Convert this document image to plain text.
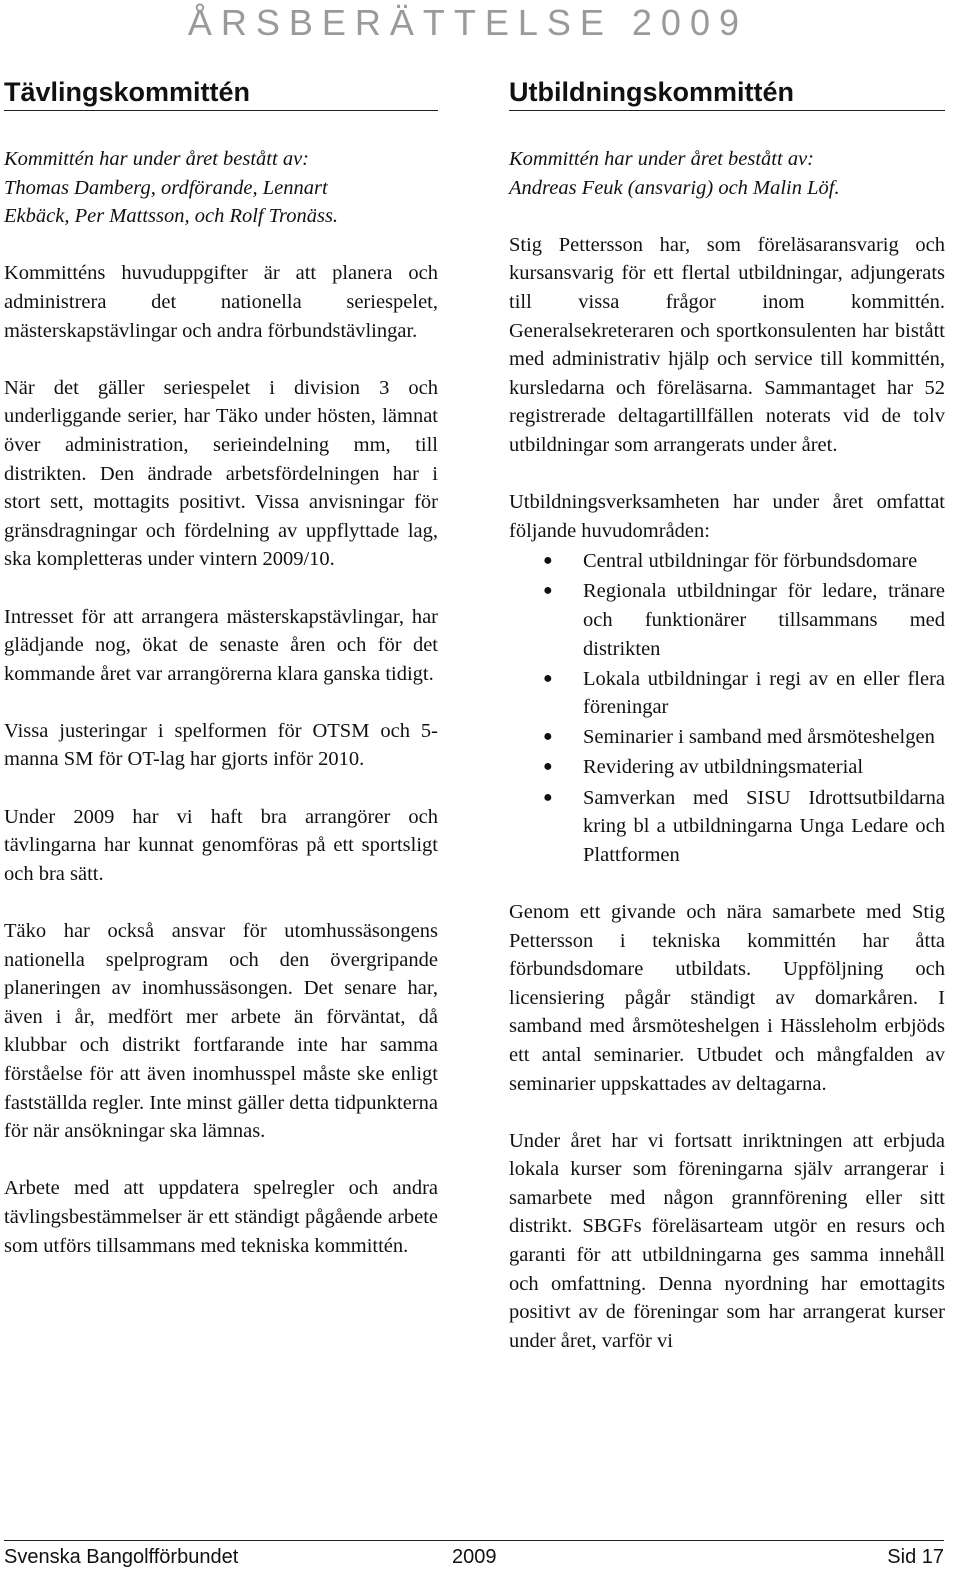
ÅRSBERÄTTELSE 2009
Tävlingskommittén
Kommittén har under året bestått av:
Thomas Damberg, ordförande, Lennart
Ekbäck, Per Mattsson, och Rolf Tronäss.

Kommitténs huvuduppgifter är att planera och administrera det nationella seriespelet, mästerskapstävlingar och andra förbundstävlingar.

När det gäller seriespelet i division 3 och underliggande serier, har Täko under hösten, lämnat över administration, serieindelning mm, till distrikten. Den ändrade arbetsfördelningen har i stort sett, mottagits positivt. Vissa anvisningar för gränsdragningar och fördelning av uppflyttade lag, ska kompletteras under vintern 2009/10.

Intresset för att arrangera mästerskapstävlingar, har glädjande nog, ökat de senaste åren och för det kommande året var arrangörerna klara ganska tidigt.

Vissa justeringar i spelformen för OTSM och 5-manna SM för OT-lag har gjorts inför 2010.

Under 2009 har vi haft bra arrangörer och tävlingarna har kunnat genomföras på ett sportsligt och bra sätt.

Täko har också ansvar för utomhussäsongens nationella spelprogram och den övergripande planeringen av inomhussäsongen. Det senare har, även i år, medfört mer arbete än förväntat, då klubbar och distrikt fortfarande inte har samma förståelse för att även inomhusspel måste ske enligt fastställda regler. Inte minst gäller detta tidpunkterna för när ansökningar ska lämnas.

Arbete med att uppdatera spelregler och andra tävlingsbestämmelser är ett ständigt pågående arbete som utförs tillsammans med tekniska kommittén.

Utbildningskommittén
Kommittén har under året bestått av:
Andreas Feuk (ansvarig) och Malin Löf.

Stig Pettersson har, som föreläsaransvarig och kursansvarig för ett flertal utbildningar, adjungerats till vissa frågor inom kommittén. Generalsekreteraren och sportkonsulenten har bistått med administrativ hjälp och service till kommittén, kursledarna och föreläsarna. Sammantaget har 52 registrerade deltagartillfällen noterats vid de tolv utbildningar som arrangerats under året.

Utbildningsverksamheten har under året omfattat följande huvudområden:

● Central utbildningar för förbundsdomare
● Regionala utbildningar för ledare, tränare och funktionärer tillsammans med distrikten
● Lokala utbildningar i regi av en eller flera föreningar
● Seminarier i samband med årsmöteshelgen
● Revidering av utbildningsmaterial
● Samverkan med SISU Idrottsutbildarna kring bl a utbildningarna Unga Ledare och Plattformen

Genom ett givande och nära samarbete med Stig Pettersson i tekniska kommittén har åtta förbundsdomare utbildats. Uppföljning och licensiering pågår ständigt av domarkåren. I samband med årsmöteshelgen i Hässleholm erbjöds ett antal seminarier. Utbudet och mångfalden av seminarier uppskattades av deltagarna.

Under året har vi fortsatt inriktningen att erbjuda lokala kurser som föreningarna själv arrangerar i samarbete med någon grannförening eller sitt distrikt. SBGFs föreläsarteam utgör en resurs och garanti för att utbildningarna ges samma innehåll och omfattning. Denna nyordning har emottagits positivt av de föreningar som har arrangerat kurser under året, varför vi

Svenska Bangolfförbundet	2009	Sid 17
